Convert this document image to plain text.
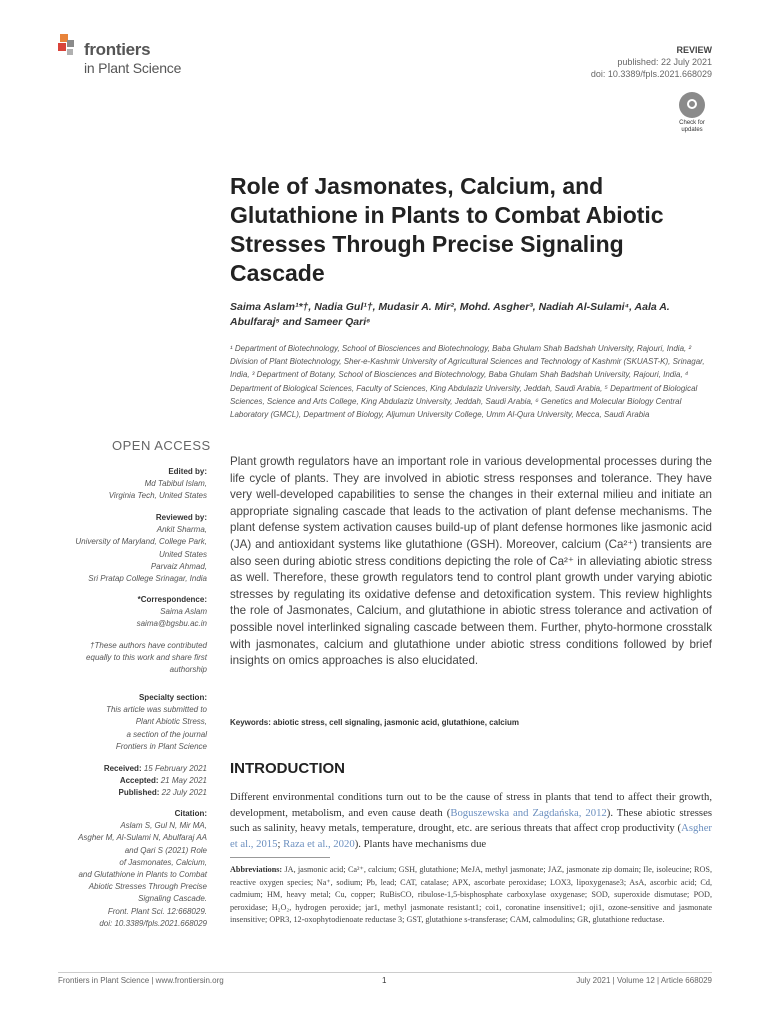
frontiers
in Plant Science
REVIEW
published: 22 July 2021
doi: 10.3389/fpls.2021.668029
Check for
updates
Role of Jasmonates, Calcium, and Glutathione in Plants to Combat Abiotic Stresses Through Precise Signaling Cascade
Saima Aslam¹*†, Nadia Gul¹†, Mudasir A. Mir², Mohd. Asgher³, Nadiah Al-Sulami⁴, Aala A. Abulfaraj⁵ and Sameer Qari⁶
¹ Department of Biotechnology, School of Biosciences and Biotechnology, Baba Ghulam Shah Badshah University, Rajouri, India, ² Division of Plant Biotechnology, Sher-e-Kashmir University of Agricultural Sciences and Technology of Kashmir (SKUAST-K), Srinagar, India, ³ Department of Botany, School of Biosciences and Biotechnology, Baba Ghulam Shah Badshah University, Rajouri, India, ⁴ Department of Biological Sciences, Faculty of Sciences, King Abdulaziz University, Jeddah, Saudi Arabia, ⁵ Department of Biological Sciences, Science and Arts College, King Abdulaziz University, Jeddah, Saudi Arabia, ⁶ Genetics and Molecular Biology Central Laboratory (GMCL), Department of Biology, Aljumun University College, Umm Al-Qura University, Mecca, Saudi Arabia
OPEN ACCESS
Edited by:
Md Tabibul Islam,
Virginia Tech, United States
Reviewed by:
Ankit Sharma,
University of Maryland, College Park,
United States
Parvaiz Ahmad,
Sri Pratap College Srinagar, India
*Correspondence:
Saima Aslam
saima@bgsbu.ac.in
†These authors have contributed
equally to this work and share first
authorship
Specialty section:
This article was submitted to
Plant Abiotic Stress,
a section of the journal
Frontiers in Plant Science
Received: 15 February 2021
Accepted: 21 May 2021
Published: 22 July 2021
Citation:
Aslam S, Gul N, Mir MA,
Asgher M, Al-Sulami N, Abulfaraj AA
and Qari S (2021) Role
of Jasmonates, Calcium,
and Glutathione in Plants to Combat
Abiotic Stresses Through Precise
Signaling Cascade.
Front. Plant Sci. 12:668029.
doi: 10.3389/fpls.2021.668029
Plant growth regulators have an important role in various developmental processes during the life cycle of plants. They are involved in abiotic stress responses and tolerance. They have very well-developed capabilities to sense the changes in their external milieu and initiate an appropriate signaling cascade that leads to the activation of plant defense mechanisms. The plant defense system activation causes build-up of plant defense hormones like jasmonic acid (JA) and antioxidant systems like glutathione (GSH). Moreover, calcium (Ca²⁺) transients are also seen during abiotic stress conditions depicting the role of Ca²⁺ in alleviating abiotic stress as well. Therefore, these growth regulators tend to control plant growth under varying abiotic stresses by regulating its oxidative defense and detoxification system. This review highlights the role of Jasmonates, Calcium, and glutathione in abiotic stress tolerance and activation of possible novel interlinked signaling cascade between them. Further, phyto-hormone crosstalk with jasmonates, calcium and glutathione under abiotic stress conditions followed by brief insights on omics approaches is also elucidated.
Keywords: abiotic stress, cell signaling, jasmonic acid, glutathione, calcium
INTRODUCTION
Different environmental conditions turn out to be the cause of stress in plants that tend to affect their growth, development, metabolism, and even cause death (Boguszewska and Zagdańska, 2012). These abiotic stresses such as salinity, heavy metals, temperature, drought, etc. are serious threats that affect crop productivity (Asgher et al., 2015; Raza et al., 2020). Plants have mechanisms due
Abbreviations: JA, jasmonic acid; Ca²⁺, calcium; GSH, glutathione; MeJA, methyl jasmonate; JAZ, jasmonate zip domain; Ile, isoleucine; ROS, reactive oxygen species; Na⁺, sodium; Pb, lead; CAT, catalase; APX, ascorbate peroxidase; LOX3, lipoxygenase3; AsA, ascorbic acid; Cd, cadmium; HM, heavy metal; Cu, copper; RuBisCO, ribulose-1,5-bisphosphate carboxylase oxygenase; SOD, superoxide dismutase; POD, peroxidase; H₂O₂, hydrogen peroxide; jar1, methyl jasmonate resistant1; coi1, coronatine insensitive1; oji1, ozone-sensitive and jasmonate insensitive; OPR3, 12-oxophytodienoate reductase 3; GST, glutathione s-transferase; CAM, calmodulins; GR, glutathione reductase.
Frontiers in Plant Science | www.frontiersin.org	1	July 2021 | Volume 12 | Article 668029
